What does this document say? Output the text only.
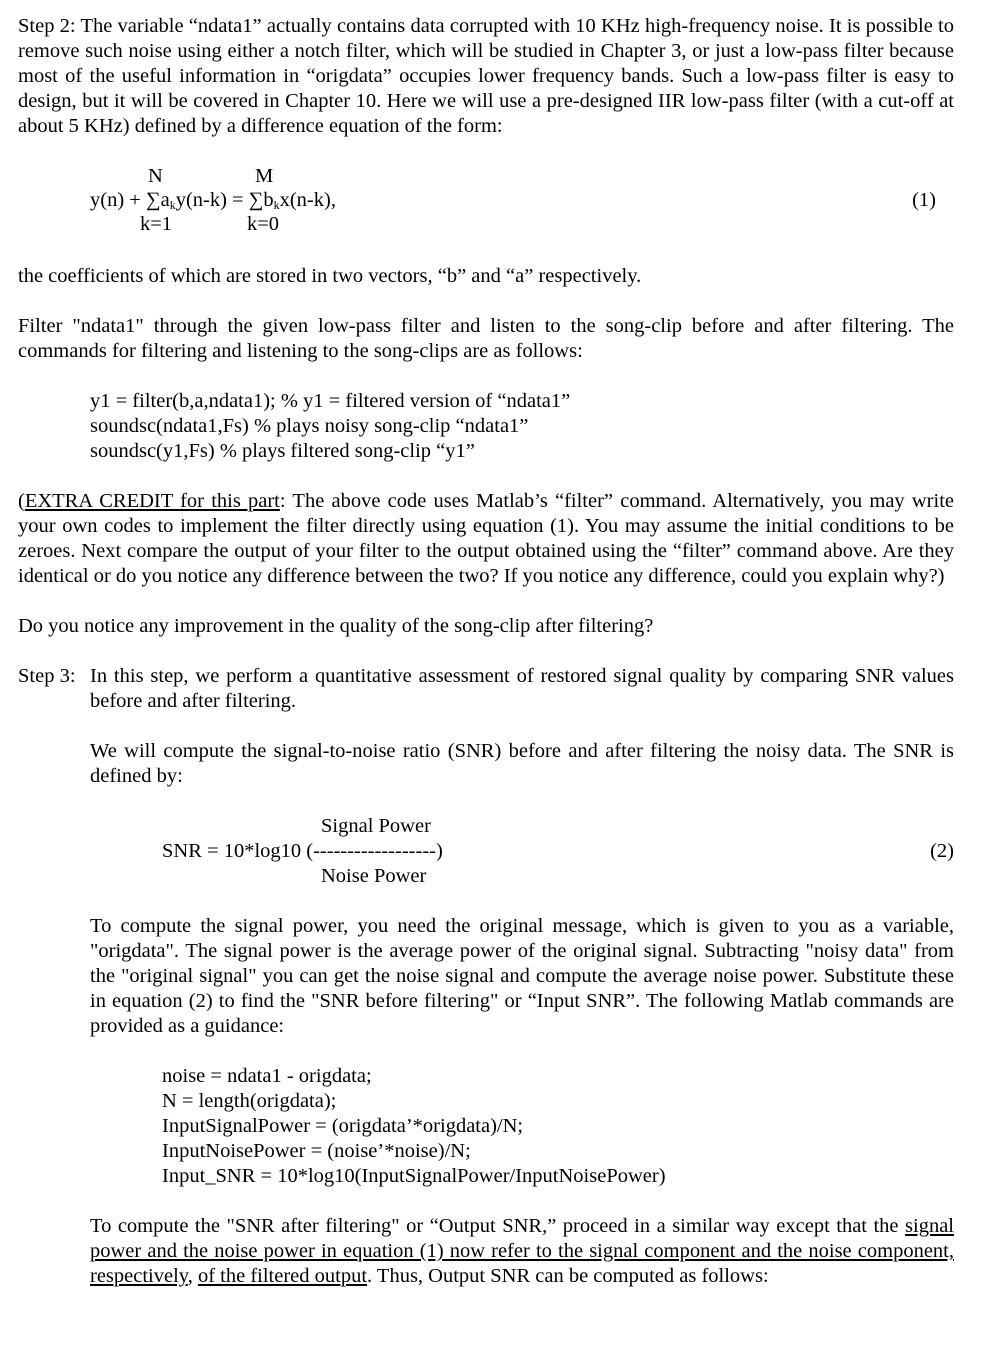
Step 2: The variable “ndata1” actually contains data corrupted with 10 KHz high-frequency noise. It is possible to remove such noise using either a notch filter, which will be studied in Chapter 3, or just a low-pass filter because most of the useful information in “origdata” occupies lower frequency bands. Such a low-pass filter is easy to design, but it will be covered in Chapter 10. Here we will use a pre-designed IIR low-pass filter (with a cut-off at about 5 KHz) defined by a difference equation of the form:

N	M
$y(n) + \sum a_ky(n-k) = \sum b_kx(n-k)$,
k=1	k=0
(1)

the coefficients of which are stored in two vectors, “b” and “a” respectively.

Filter "ndata1" through the given low-pass filter and listen to the song-clip before and after filtering. The commands for filtering and listening to the song-clips are as follows:

y1 = filter(b,a,ndata1); % y1 = filtered version of “ndata1”
soundsc(ndata1,Fs) % plays noisy song-clip “ndata1”
soundsc(y1,Fs) % plays filtered song-clip “y1”

(EXTRA CREDIT for this part: The above code uses Matlab’s “filter” command. Alternatively, you may write your own codes to implement the filter directly using equation (1). You may assume the initial conditions to be zeroes. Next compare the output of your filter to the output obtained using the “filter” command above. Are they identical or do you notice any difference between the two? If you notice any difference, could you explain why?)

Do you notice any improvement in the quality of the song-clip after filtering?

Step 3: In this step, we perform a quantitative assessment of restored signal quality by comparing SNR values before and after filtering.

We will compute the signal-to-noise ratio (SNR) before and after filtering the noisy data. The SNR is defined by:

Signal Power
SNR = 10*log10 (------------------)
Noise Power
(2)

To compute the signal power, you need the original message, which is given to you as a variable, "origdata". The signal power is the average power of the original signal. Subtracting "noisy data" from the "original signal" you can get the noise signal and compute the average noise power. Substitute these in equation (2) to find the "SNR before filtering" or “Input SNR”. The following Matlab commands are provided as a guidance:

noise = ndata1 - origdata;
N = length(origdata);
InputSignalPower = (origdata’*origdata)/N;
InputNoisePower = (noise’*noise)/N;
Input_SNR = 10*log10(InputSignalPower/InputNoisePower)

To compute the "SNR after filtering" or “Output SNR,” proceed in a similar way except that the signal power and the noise power in equation (1) now refer to the signal component and the noise component, respectively, of the filtered output. Thus, Output SNR can be computed as follows:
